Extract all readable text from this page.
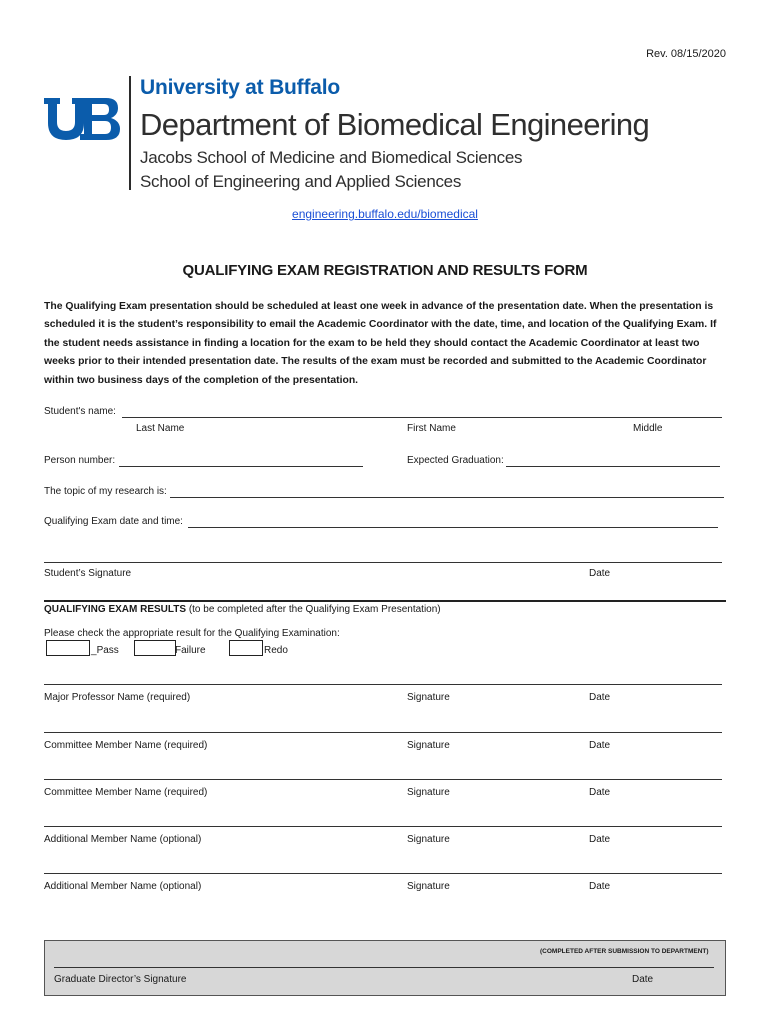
Rev. 08/15/2020
University at Buffalo
Department of Biomedical Engineering
Jacobs School of Medicine and Biomedical Sciences
School of Engineering and Applied Sciences
engineering.buffalo.edu/biomedical
QUALIFYING EXAM REGISTRATION AND RESULTS FORM
The Qualifying Exam presentation should be scheduled at least one week in advance of the presentation date. When the presentation is scheduled it is the student’s responsibility to email the Academic Coordinator with the date, time, and location of the Qualifying Exam. If the student needs assistance in finding a location for the exam to be held they should contact the Academic Coordinator at least two weeks prior to their intended presentation date. The results of the exam must be recorded and submitted to the Academic Coordinator within two business days of the completion of the presentation.
Student's name:
Last Name	First Name	Middle
Person number:	Expected Graduation:
The topic of my research is:
Qualifying Exam date and time:
Student’s Signature	Date
QUALIFYING EXAM RESULTS (to be completed after the Qualifying Exam Presentation)
Please check the appropriate result for the Qualifying Examination:
_Pass	Failure	Redo
Major Professor Name (required)	Signature	Date
Committee Member Name (required)	Signature	Date
Committee Member Name (required)	Signature	Date
Additional Member Name (optional)	Signature	Date
Additional Member Name (optional)	Signature	Date
(COMPLETED AFTER SUBMISSION TO DEPARTMENT)
Graduate Director’s Signature	Date
